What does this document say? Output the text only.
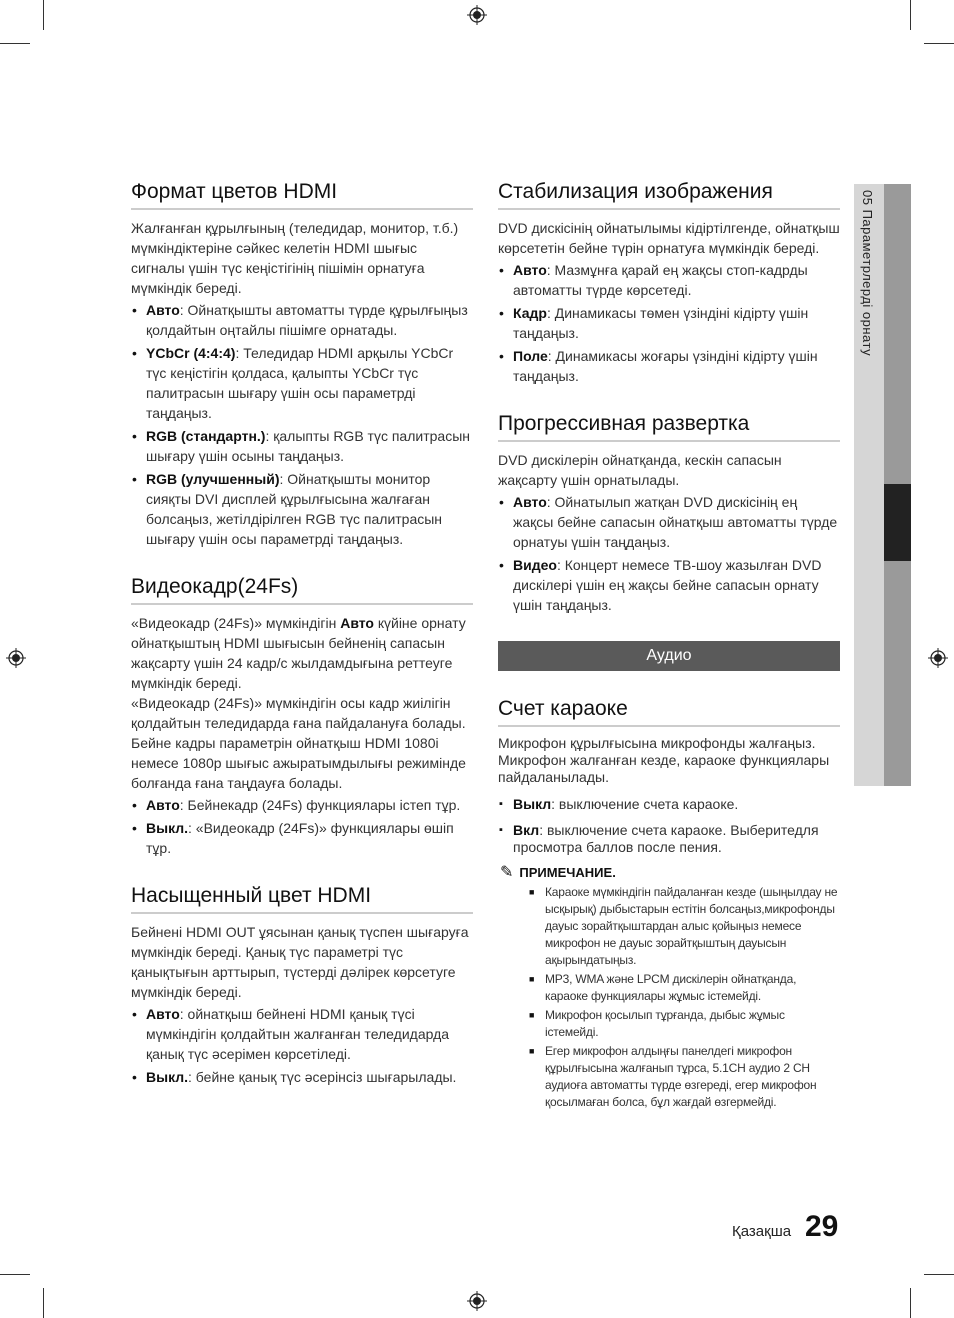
05 Параметрлерді орнату
Формат цветов HDMI

Жалғанған құрылғының (теледидар, монитор, т.б.) мүмкіндіктеріне сәйкес келетін HDMI шығыс сигналы үшін түс кеңістігінің пішімін орнатуға мүмкіндік береді.

• Авто: Ойнатқышты автоматты түрде құрылғыңыз қолдайтын оңтайлы пішімге орнатады.
• YCbCr (4:4:4): Теледидар HDMI арқылы YCbCr түс кеңістігін қолдаса, қалыпты YCbCr түс палитрасын шығару үшін осы параметрді таңдаңыз.
• RGB (стандартн.): қалыпты RGB түс палитрасын шығару үшін осыны таңдаңыз.
• RGB (улучшенный): Ойнатқышты монитор сияқты DVI дисплей құрылғысына жалғаған болсаңыз, жетілдірілген RGB түс палитрасын шығару үшін осы параметрді таңдаңыз.
Видеокадр(24Fs)

«Видеокадр (24Fs)» мүмкіндігін Авто күйіне орнату ойнатқыштың HDMI шығысын бейненің сапасын жақсарту үшін 24 кадр/с жылдамдығына реттеуге мүмкіндік береді.

«Видеокадр (24Fs)» мүмкіндігін осы кадр жиілігін қолдайтын теледидарда ғана пайдалануға болады. Бейне кадры параметрін ойнатқыш HDMI 1080i немесе 1080p шығыс ажыратымдылығы режимінде болғанда ғана таңдауға болады.

• Авто: Бейнекадр (24Fs) функциялары істеп тұр.
• Выкл.: «Видеокадр (24Fs)» функциялары өшіп тұр.
Насыщенный цвет HDMI

Бейнені HDMI OUT ұясынан қанық түспен шығаруға мүмкіндік береді. Қанық түс параметрі түс қанықтығын арттырып, түстерді дәлірек көрсетуге мүмкіндік береді.

• Авто: ойнатқыш бейнені HDMI қанық түсі мүмкіндігін қолдайтын жалғанған теледидарда қанық түс әсерімен көрсетіледі.
• Выкл.: бейне қанық түс әсерінсіз шығарылады.
Стабилизация изображения

DVD дискісінің ойнатылымы кідіртілгенде, ойнатқыш көрсететін бейне түрін орнатуға мүмкіндік береді.

• Авто: Мазмұнға қарай ең жақсы стоп-кадрды автоматты түрде көрсетеді.
• Кадр: Динамикасы төмен үзіндіні кідірту үшін таңдаңыз.
• Поле: Динамикасы жоғары үзіндіні кідірту үшін таңдаңыз.
Прогрессивная развертка

DVD дискілерін ойнатқанда, кескін сапасын жақсарту үшін орнатылады.

• Авто: Ойнатылып жатқан DVD дискісінің ең жақсы бейне сапасын ойнатқыш автоматты түрде орнатуы үшін таңдаңыз.
• Видео: Концерт немесе ТВ-шоу жазылған DVD дискілері үшін ең жақсы бейне сапасын орнату үшін таңдаңыз.
Аудио
Счет караоке

Микрофон құрылғысына микрофонды жалғаңыз. Микрофон жалғанған кезде, караоке функциялары пайдаланылады.

▪ Выкл: выключение счета караоке.
▪ Вкл: выключение счета караоке. Выберитедля просмотра баллов после пения.
✎ ПРИМЕЧАНИЕ.
■ Караоке мүмкіндігін пайдаланған кезде (шыңылдау не ысқырық) дыбыстарын естітін болсаңыз,микрофонды дауыс зорайтқыштардан алыс қойыңыз немесе микрофон не дауыс зорайтқыштың дауысын ақырындатыңыз.
■ MP3, WMA және LPCM дискілерін ойнатқанда, караоке функциялары жұмыс істемейді.
■ Микрофон қосылып тұрғанда, дыбыс жұмыс істемейді.
■ Егер микрофон алдыңғы панелдегі микрофон құрылғысына жалғанып тұрса, 5.1CH аудио 2 CH аудиоға автоматты түрде өзгереді, егер микрофон қосылмаған болса, бұл жағдай өзгермейді.
Қазақша 29
